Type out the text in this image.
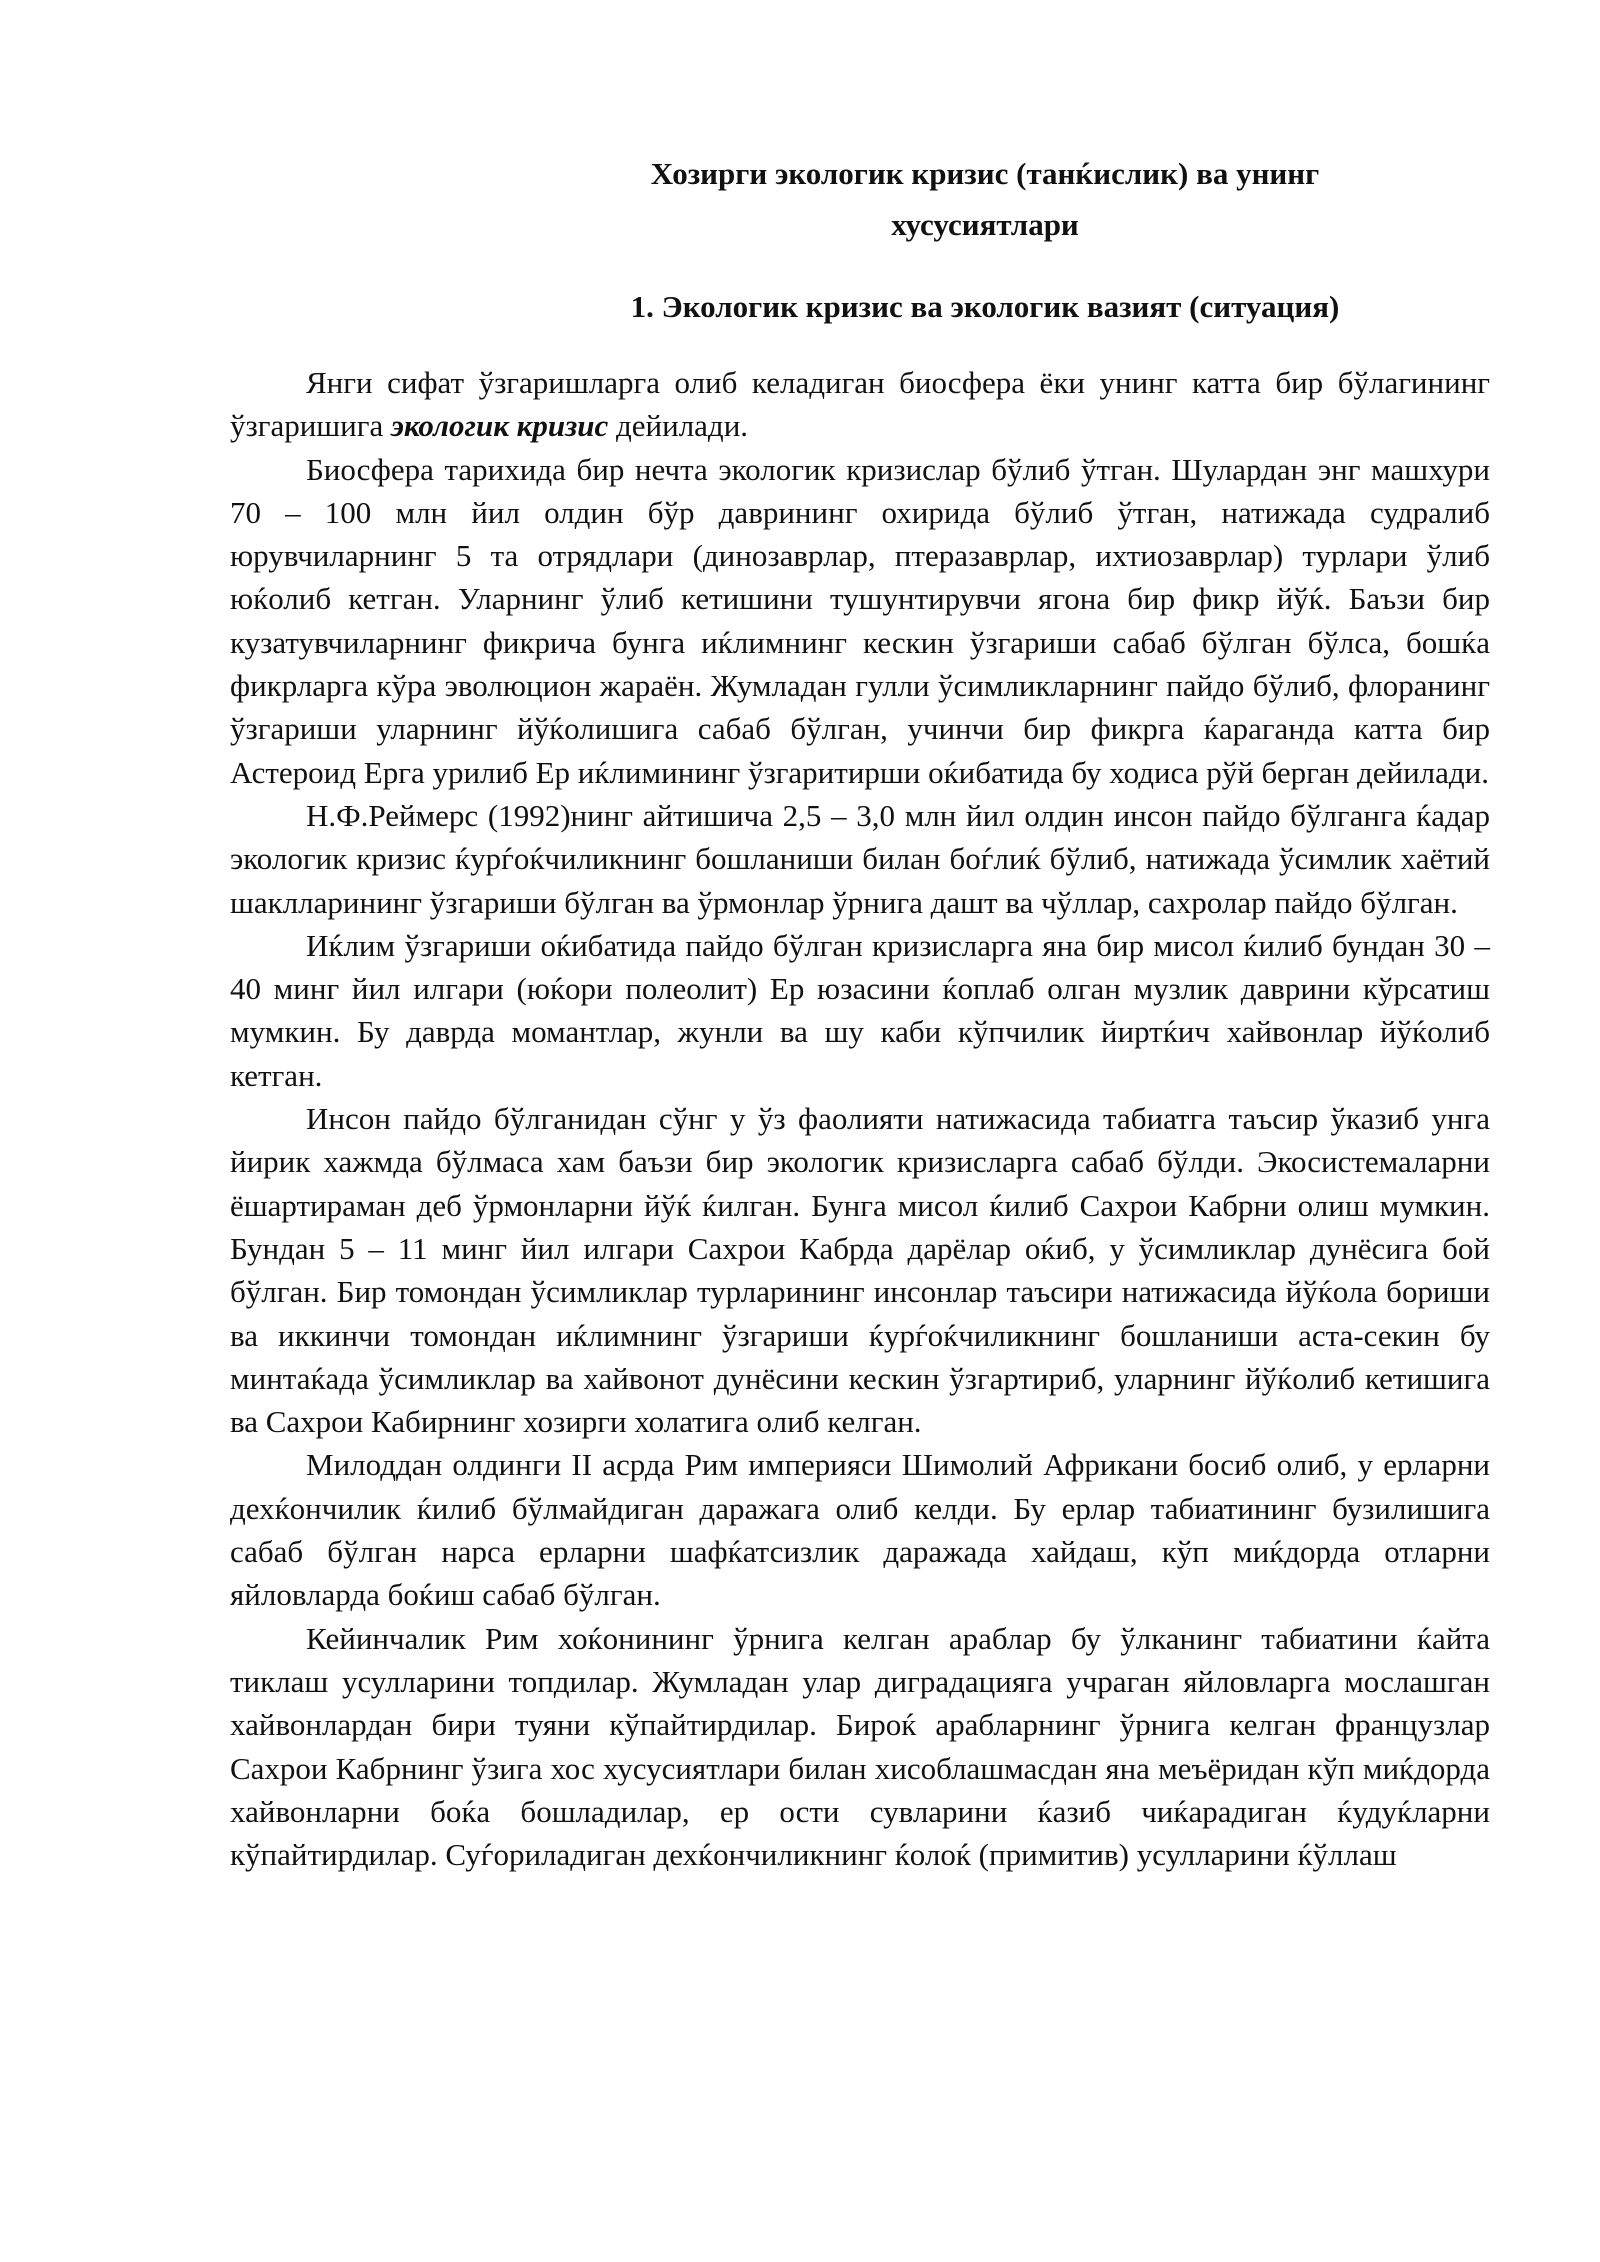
Хозирги экологик кризис (танќислик) ва унинг
хусусиятлари
1. Экологик кризис ва экологик вазият (ситуация)

Янги сифат ўзгаришларга олиб келадиган биосфера ёки унинг катта бир бўлагининг ўзгаришига экологик кризис дейилади.

Биосфера тарихида бир нечта экологик кризислар бўлиб ўтган. Шулардан энг машхури 70 – 100 млн йил олдин бўр даврининг охирида бўлиб ўтган, натижада судралиб юрувчиларнинг 5 та отрядлари (динозаврлар, птеразаврлар, ихтиозаврлар) турлари ўлиб юќолиб кетган. Уларнинг ўлиб кетишини тушунтирувчи ягона бир фикр йўќ. Баъзи бир кузатувчиларнинг фикрича бунга иќлимнинг кескин ўзгариши сабаб бўлган бўлса, бошќа фикрларга кўра эволюцион жараён. Жумладан гулли ўсимликларнинг пайдо бўлиб, флоранинг ўзгариши уларнинг йўќолишига сабаб бўлган, учинчи бир фикрга ќараганда катта бир Астероид Ерга урилиб Ер иќлимининг ўзгаритирши оќибатида бу ходиса рўй берган дейилади.

Н.Ф.Реймерс (1992)нинг айтишича 2,5 – 3,0 млн йил олдин инсон пайдо бўлганга ќадар экологик кризис ќурѓоќчиликнинг бошланиши билан боѓлиќ бўлиб, натижада ўсимлик хаётий шаклларининг ўзгариши бўлган ва ўрмонлар ўрнига дашт ва чўллар, сахролар пайдо бўлган.

Иќлим ўзгариши оќибатида пайдо бўлган кризисларга яна бир мисол ќилиб бундан 30 – 40 минг йил илгари (юќори полеолит) Ер юзасини ќоплаб олган музлик даврини кўрсатиш мумкин. Бу даврда момантлар, жунли ва шу каби кўпчилик йиртќич хайвонлар йўќолиб кетган.

Инсон пайдо бўлганидан сўнг у ўз фаолияти натижасида табиатга таъсир ўказиб унга йирик хажмда бўлмаса хам баъзи бир экологик кризисларга сабаб бўлди. Экосистемаларни ёшартираман деб ўрмонларни йўќ ќилган. Бунга мисол ќилиб Сахрои Кабрни олиш мумкин. Бундан 5 – 11 минг йил илгари Сахрои Кабрда дарёлар оќиб, у ўсимликлар дунёсига бой бўлган. Бир томондан ўсимликлар турларининг инсонлар таъсири натижасида йўќола бориши ва иккинчи томондан иќлимнинг ўзгариши ќурѓоќчиликнинг бошланиши аста-секин бу минтаќада ўсимликлар ва хайвонот дунёсини кескин ўзгартириб, уларнинг йўќолиб кетишига ва Сахрои Кабирнинг хозирги холатига олиб келган.

Милоддан олдинги II асрда Рим империяси Шимолий Африкани босиб олиб, у ерларни дехќончилик ќилиб бўлмайдиган даражага олиб келди. Бу ерлар табиатининг бузилишига сабаб бўлган нарса ерларни шафќатсизлик даражада хайдаш, кўп миќдорда отларни яйловларда боќиш сабаб бўлган.

Кейинчалик Рим хоќонининг ўрнига келган араблар бу ўлканинг табиатини ќайта тиклаш усулларини топдилар. Жумладан улар диградацияга учраган яйловларга мослашган хайвонлардан бири туяни кўпайтирдилар. Бироќ арабларнинг ўрнига келган французлар Сахрои Кабрнинг ўзига хос хусусиятлари билан хисоблашмасдан яна меъёридан кўп миќдорда хайвонларни боќа бошладилар, ер ости сувларини ќазиб чиќарадиган ќудуќларни кўпайтирдилар. Суѓориладиган дехќончиликнинг ќолоќ (примитив) усулларини ќўллаш
